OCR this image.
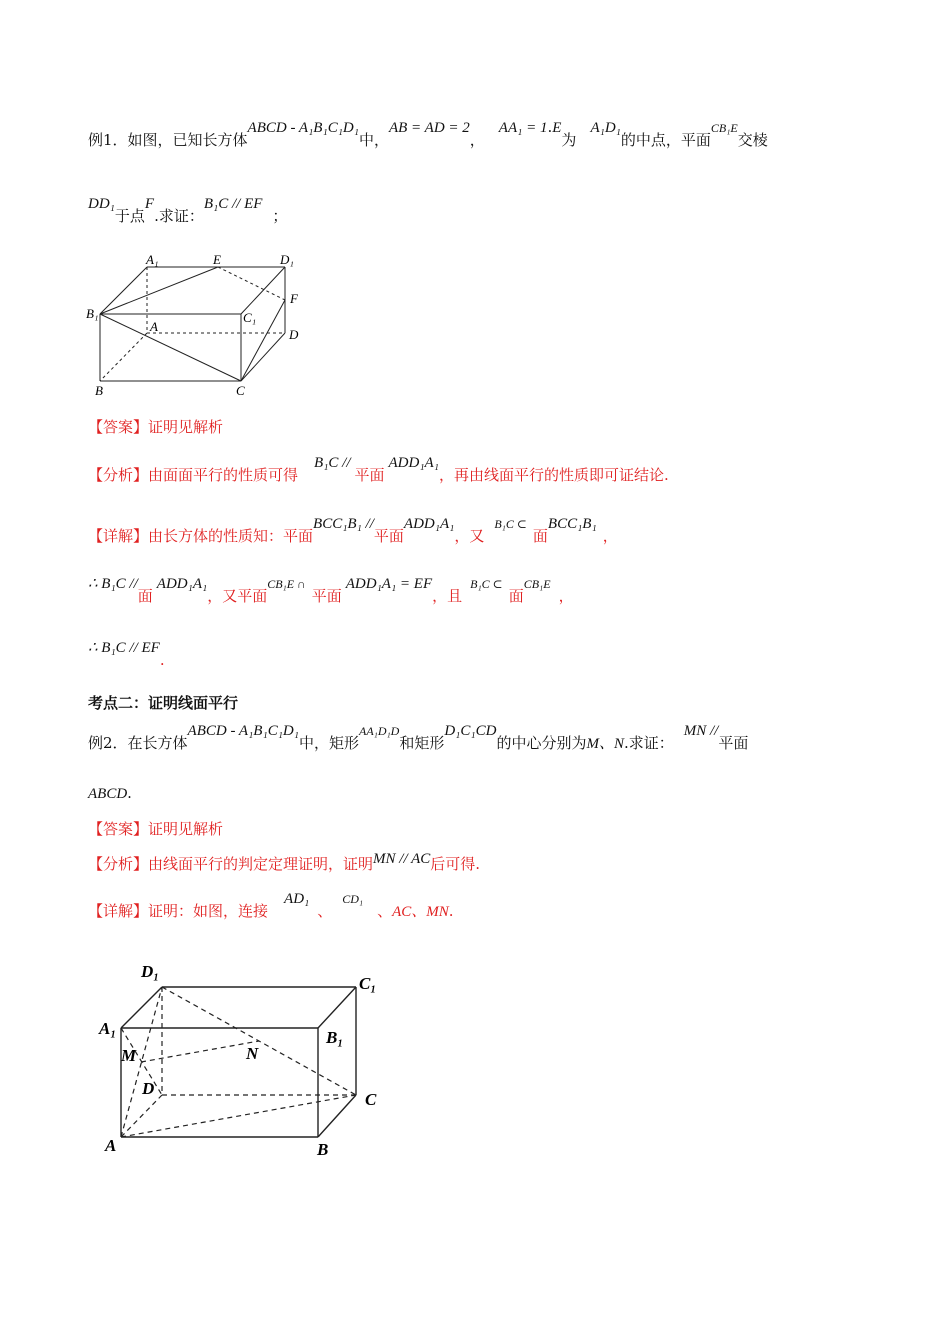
例1．如图，已知长方体ABCD - A₁B₁C₁D₁中，AB = AD = 2，AA₁ = 1.E为A₁D₁的中点，平面$^{CB_1E}$交棱
DD₁于点F.求证：B₁C // EF；
A₁	E	D₁
F
B₁
A
C₁
D
B	C
【答案】证明见解析
【分析】由面面平行的性质可得B₁C //平面ADD₁A₁，再由线面平行的性质即可证结论.
【详解】由长方体的性质知：平面BCC₁B₁ //平面ADD₁A₁，又$^{B_1C \subset}$面BCC₁B₁，
∴ B₁C //面ADD₁A₁，又平面$^{CB_1E \cap}$平面ADD₁A₁ = EF，且$^{B_1C \subset}$面$^{CB_1E}$，
∴ B₁C // EF.
考点二：证明线面平行
例2．在长方体ABCD - A₁B₁C₁D₁中，矩形$^{AA_1D_1D}$和矩形D₁C₁CD的中心分别为M、N.求证：MN //平面
ABCD.
【答案】证明见解析
【分析】由线面平行的判定定理证明，证明MN // AC后可得.
【详解】证明：如图，连接AD₁、$^{CD_1}$、AC、MN.
D₁
C₁
A₁	B₁
M	N
D
C
A	B
